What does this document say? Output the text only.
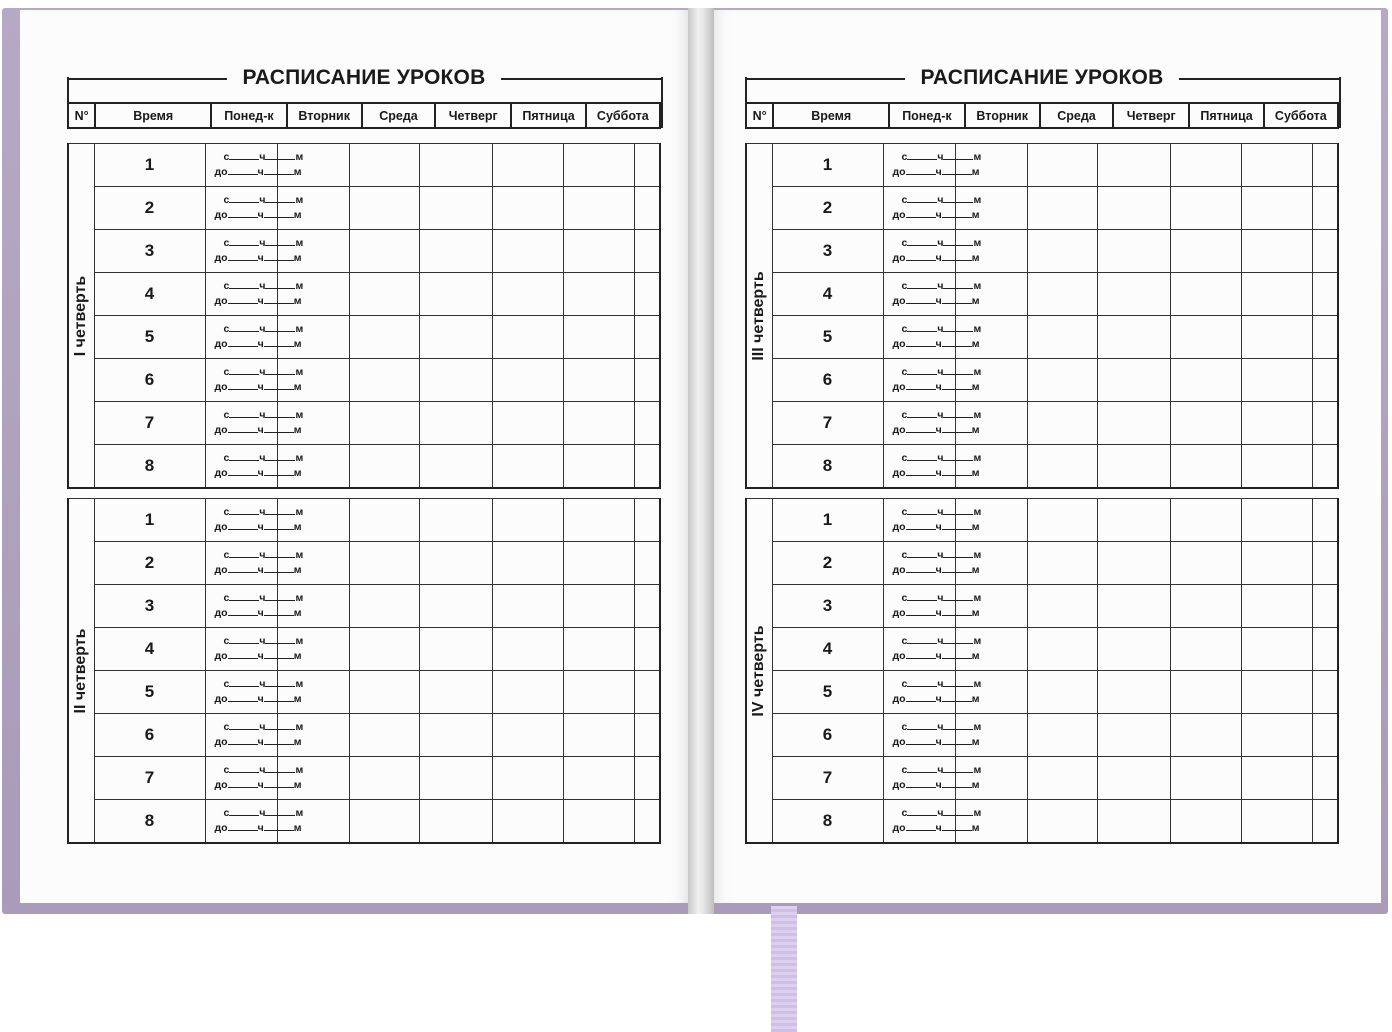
РАСПИСАНИЕ УРОКОВ
N°	Время	Понед-к	Вторник	Среда	Четверг	Пятница	Суббота
I четверть	1	с ч м
до ч м						

	2	с ч м
до ч м						

	3	с ч м
до ч м						

	4	с ч м
до ч м						

	5	с ч м
до ч м						

	6	с ч м
до ч м						

	7	с ч м
до ч м						

	8	с ч м
до ч м						

II четверть	1	с ч м
до ч м						

	2	с ч м
до ч м						

	3	с ч м
до ч м						

	4	с ч м
до ч м						

	5	с ч м
до ч м						

	6	с ч м
до ч м						

	7	с ч м
до ч м						

	8	с ч м
до ч м						

РАСПИСАНИЕ УРОКОВ
N°	Время	Понед-к	Вторник	Среда	Четверг	Пятница	Суббота
III четверть	1	с ч м
до ч м						

	2	с ч м
до ч м						

	3	с ч м
до ч м						

	4	с ч м
до ч м						

	5	с ч м
до ч м						

	6	с ч м
до ч м						

	7	с ч м
до ч м						

	8	с ч м
до ч м						

IV четверть	1	с ч м
до ч м						

	2	с ч м
до ч м						

	3	с ч м
до ч м						

	4	с ч м
до ч м						

	5	с ч м
до ч м						

	6	с ч м
до ч м						

	7	с ч м
до ч м						

	8	с ч м
до ч м						
